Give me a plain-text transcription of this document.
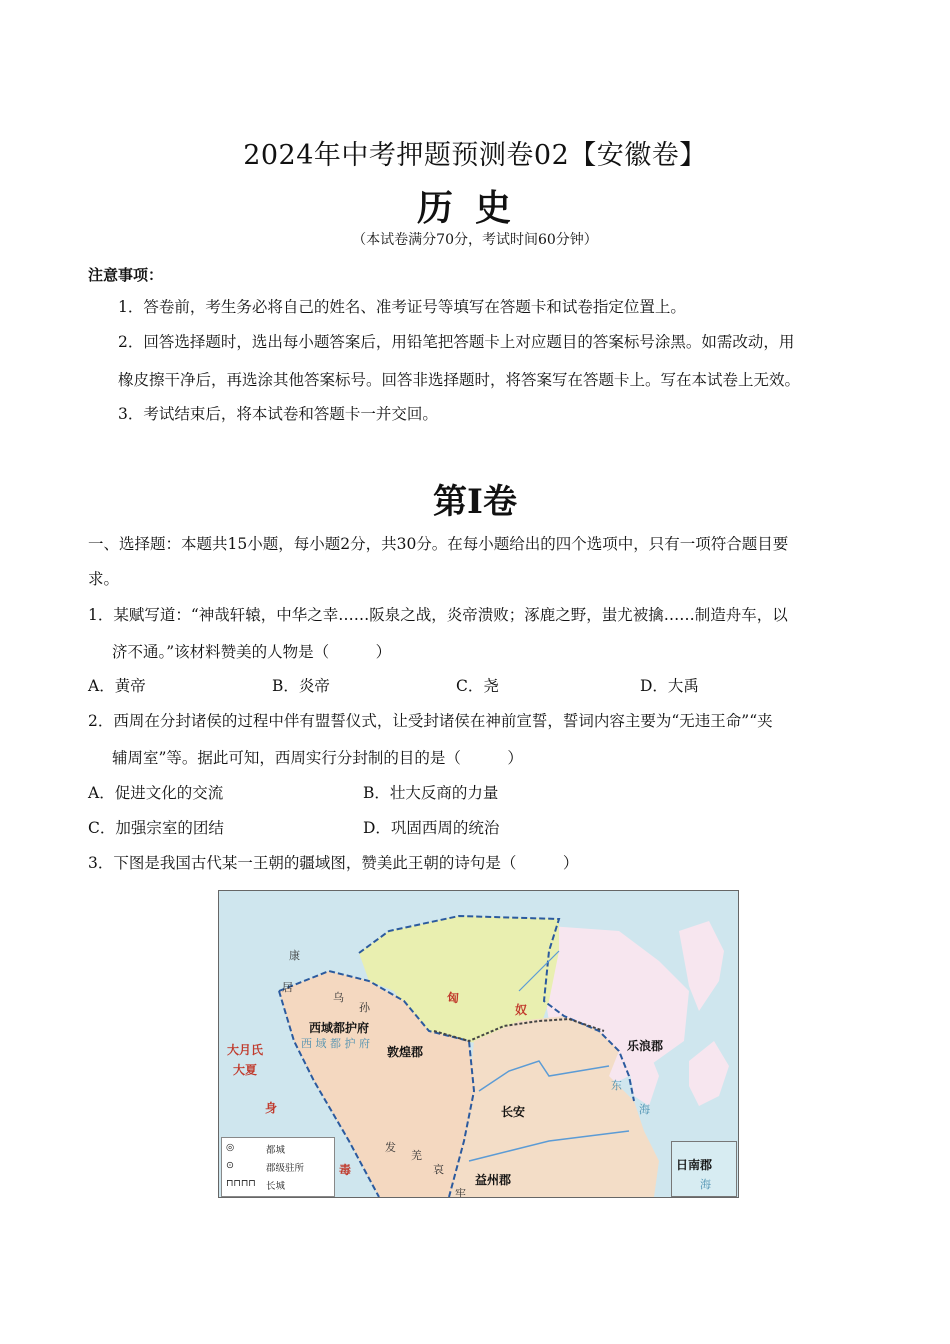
2024年中考押题预测卷02【安徽卷】
历史
（本试卷满分70分，考试时间60分钟）
注意事项：
1．答卷前，考生务必将自己的姓名、准考证号等填写在答题卡和试卷指定位置上。
2．回答选择题时，选出每小题答案后，用铅笔把答题卡上对应题目的答案标号涂黑。如需改动，用
橡皮擦干净后，再选涂其他答案标号。回答非选择题时，将答案写在答题卡上。写在本试卷上无效。
3．考试结束后，将本试卷和答题卡一并交回。
第Ⅰ卷
一、选择题：本题共15小题，每小题2分，共30分。在每小题给出的四个选项中，只有一项符合题目要
求。
1．某赋写道：“神哉轩辕，中华之幸……阪泉之战，炎帝溃败；涿鹿之野，蚩尤被擒……制造舟车，以
济不通。”该材料赞美的人物是（　　　）
A．黄帝	B．炎帝	C．尧	D．大禹
2．西周在分封诸侯的过程中伴有盟誓仪式，让受封诸侯在神前宣誓，誓词内容主要为“无违王命”“夹
辅周室”等。据此可知，西周实行分封制的目的是（　　　）
A．促进文化的交流	B．壮大反商的力量
C．加强宗室的团结	D．巩固西周的统治
3．下图是我国古代某一王朝的疆域图，赞美此王朝的诗句是（　　　）
康
居
乌
孙
西域都护府
西 域 都 护 府
匈
奴
大月氏
大夏
身
敦煌郡	乐浪郡
长安
发
羌
哀
牢
益州郡
东
海
毒
◎	都城
⊙	郡级驻所
⊓⊓⊓⊓ 长城
日南郡
海
